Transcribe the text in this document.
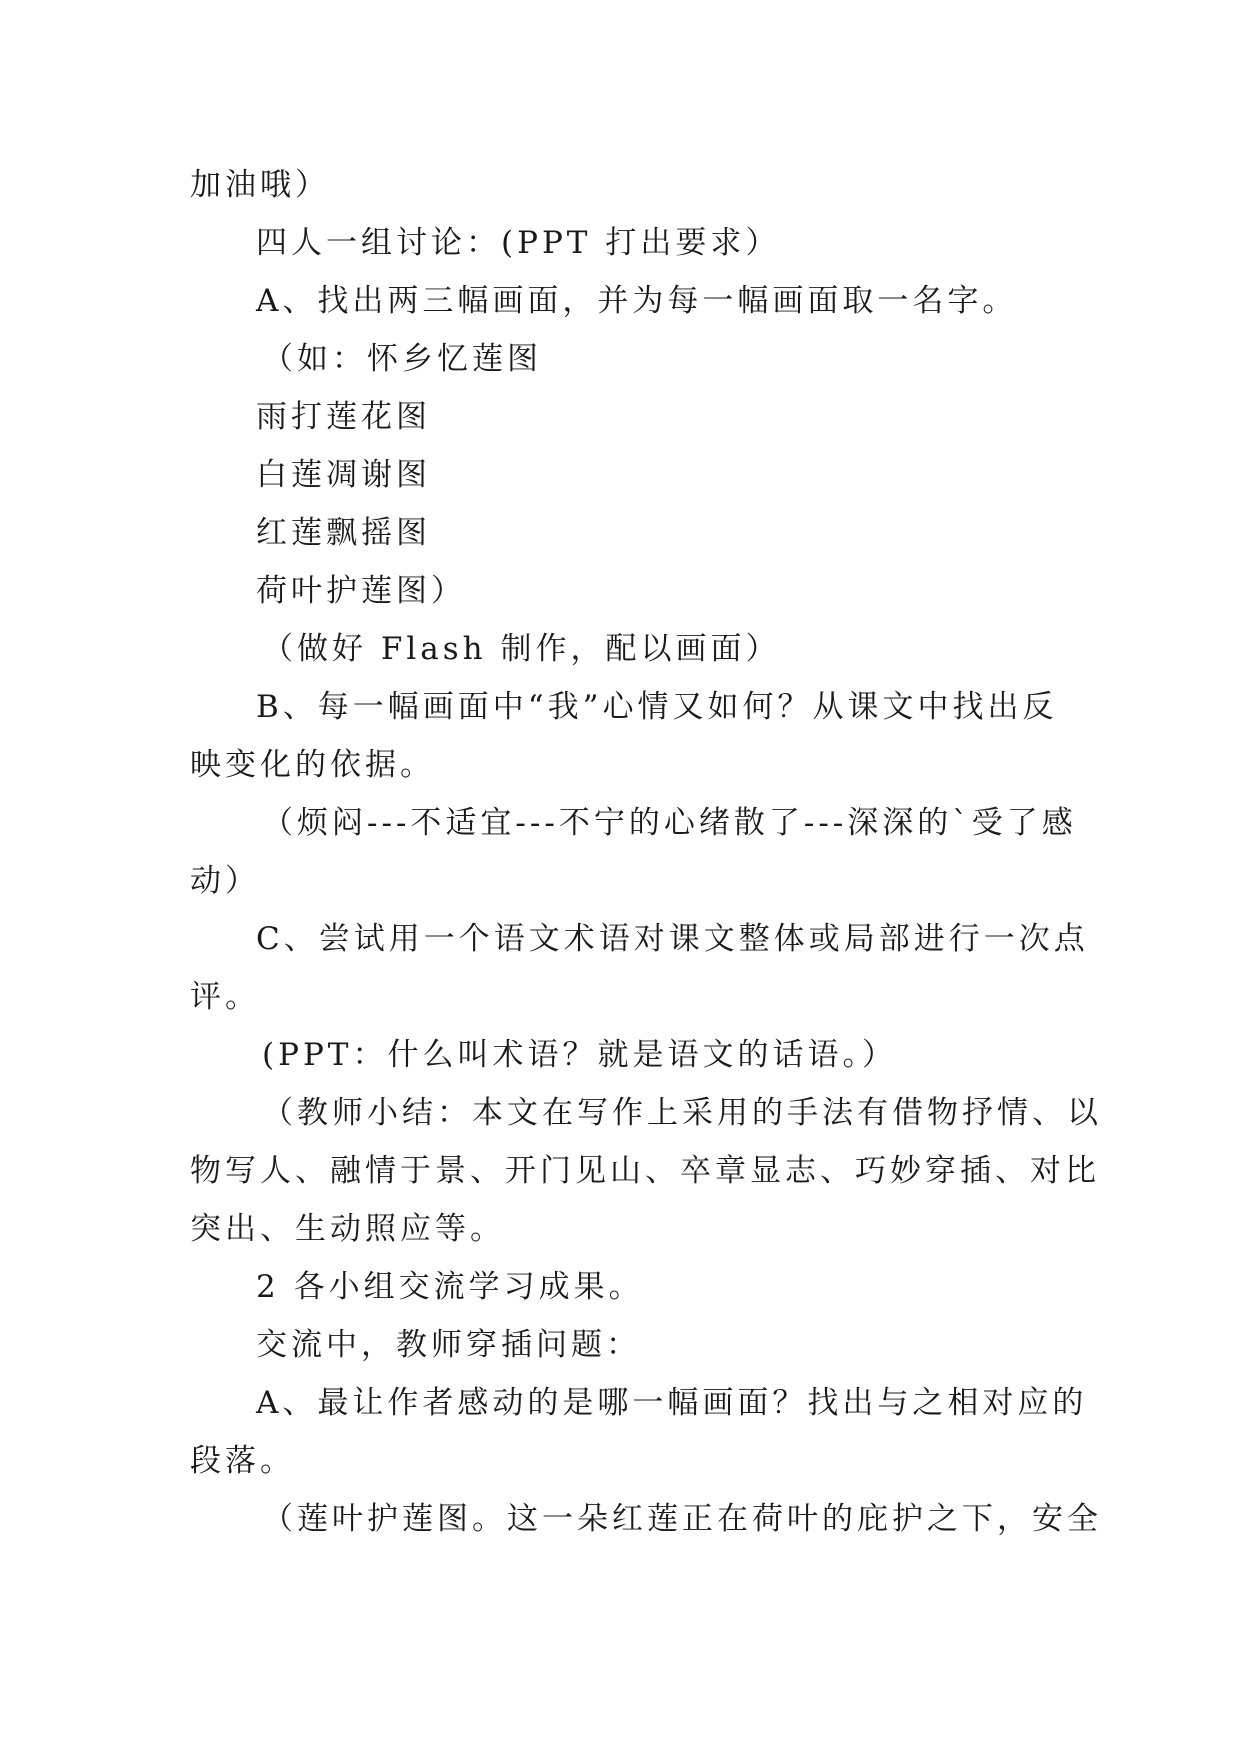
加油哦）
四人一组讨论：(PPT 打出要求）
A、找出两三幅画面，并为每一幅画面取一名字。
（如：怀乡忆莲图
雨打莲花图
白莲凋谢图
红莲飘摇图
荷叶护莲图）
（做好 Flash 制作，配以画面）
B、每一幅画面中“我”心情又如何？从课文中找出反
映变化的依据。
（烦闷---不适宜---不宁的心绪散了---深深的`受了感
动）
C、尝试用一个语文术语对课文整体或局部进行一次点
评。
(PPT：什么叫术语？就是语文的话语。）
（教师小结：本文在写作上采用的手法有借物抒情、以
物写人、融情于景、开门见山、卒章显志、巧妙穿插、对比
突出、生动照应等。
2 各小组交流学习成果。
交流中，教师穿插问题：
A、最让作者感动的是哪一幅画面？找出与之相对应的
段落。
（莲叶护莲图。这一朵红莲正在荷叶的庇护之下，安全
